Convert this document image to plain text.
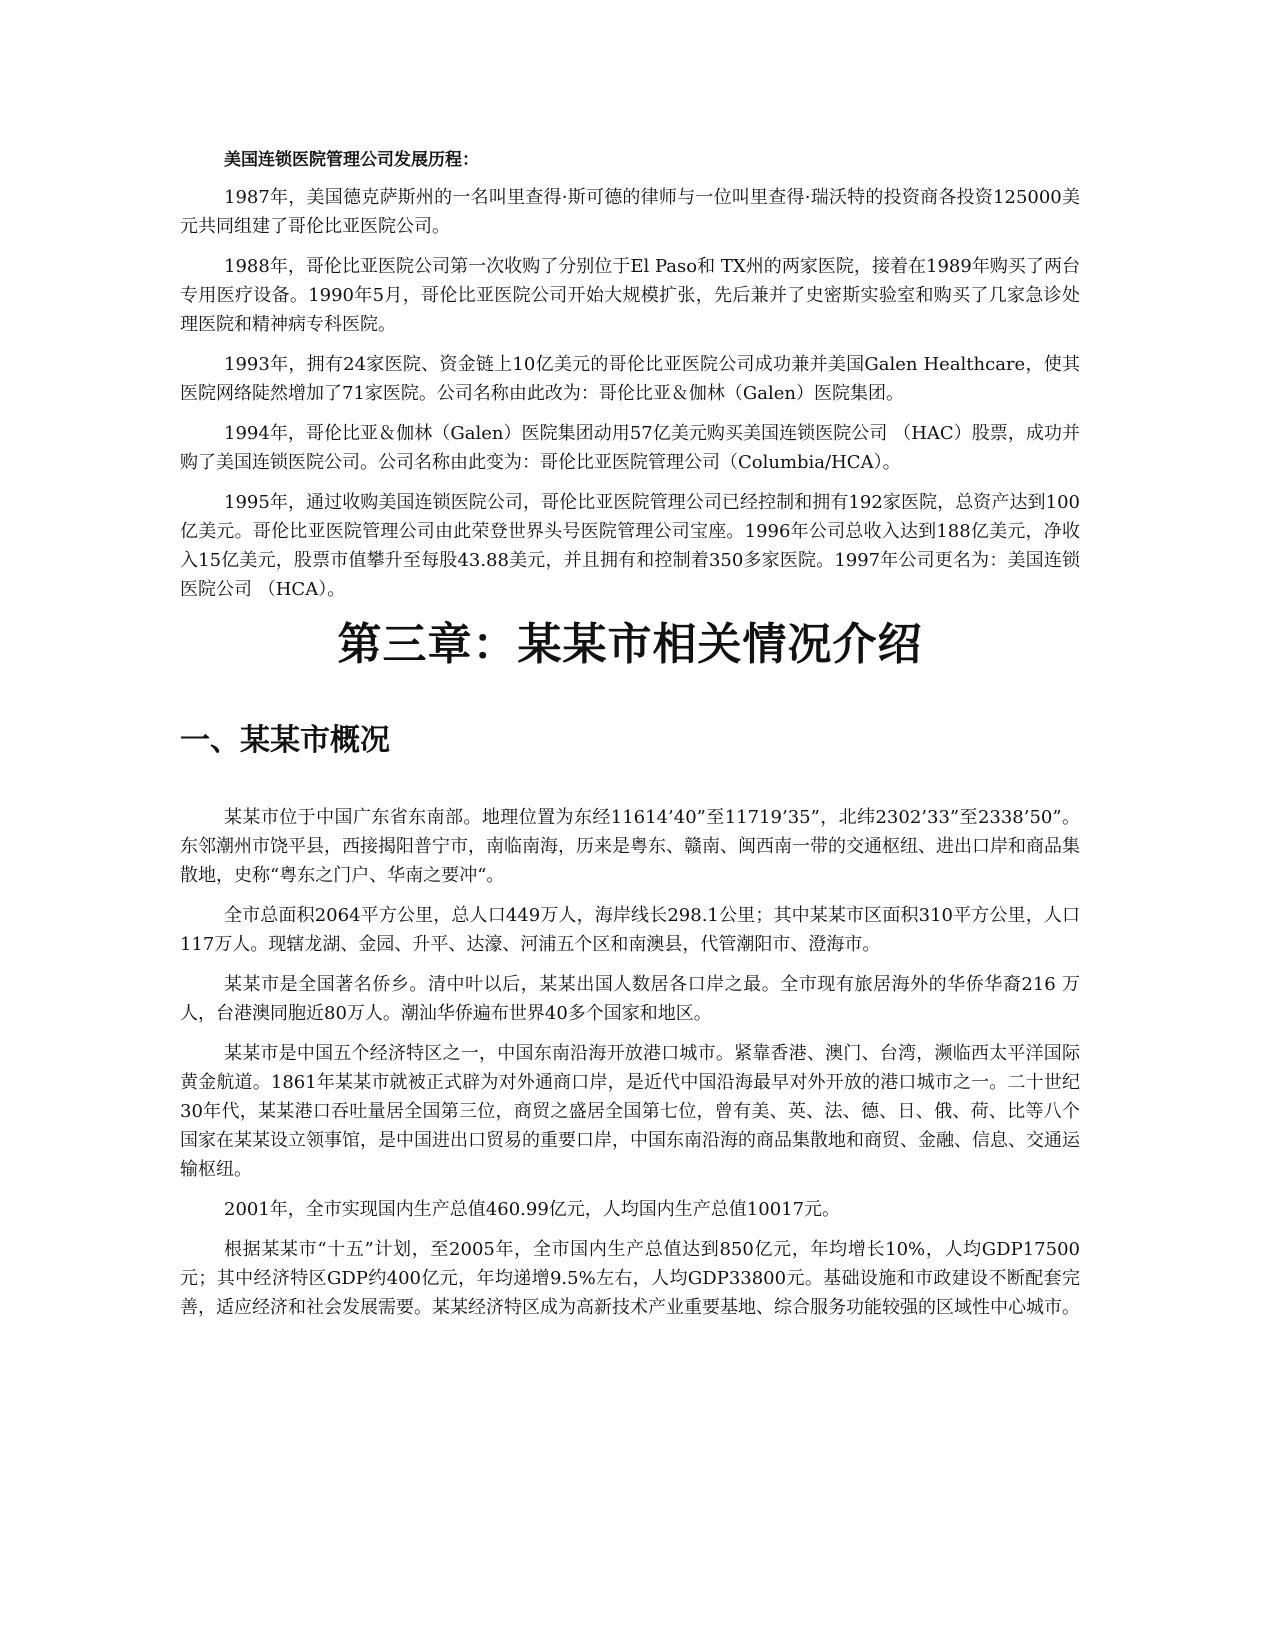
美国连锁医院管理公司发展历程：

1987年，美国德克萨斯州的一名叫里查得·斯可德的律师与一位叫里查得·瑞沃特的投资商各投资125000美元共同组建了哥伦比亚医院公司。

1988年，哥伦比亚医院公司第一次收购了分别位于El Paso和 TX州的两家医院，接着在1989年购买了两台专用医疗设备。1990年5月，哥伦比亚医院公司开始大规模扩张，先后兼并了史密斯实验室和购买了几家急诊处理医院和精神病专科医院。

1993年，拥有24家医院、资金链上10亿美元的哥伦比亚医院公司成功兼并美国Galen Healthcare，使其医院网络陡然增加了71家医院。公司名称由此改为：哥伦比亚＆伽林（Galen）医院集团。

1994年，哥伦比亚＆伽林（Galen）医院集团动用57亿美元购买美国连锁医院公司 （HAC）股票，成功并购了美国连锁医院公司。公司名称由此变为：哥伦比亚医院管理公司（Columbia/HCA）。

1995年，通过收购美国连锁医院公司，哥伦比亚医院管理公司已经控制和拥有192家医院，总资产达到100亿美元。哥伦比亚医院管理公司由此荣登世界头号医院管理公司宝座。1996年公司总收入达到188亿美元，净收入15亿美元，股票市值攀升至每股43.88美元，并且拥有和控制着350多家医院。1997年公司更名为：美国连锁医院公司 （HCA）。

第三章：某某市相关情况介绍
一、某某市概况

某某市位于中国广东省东南部。地理位置为东经11614’40”至11719’35”，北纬2302’33”至2338’50”。东邻潮州市饶平县，西接揭阳普宁市，南临南海，历来是粤东、赣南、闽西南一带的交通枢纽、进出口岸和商品集散地，史称“粤东之门户、华南之要冲“。

全市总面积2064平方公里，总人口449万人，海岸线长298.1公里；其中某某市区面积310平方公里，人口117万人。现辖龙湖、金园、升平、达濠、河浦五个区和南澳县，代管潮阳市、澄海市。

某某市是全国著名侨乡。清中叶以后，某某出国人数居各口岸之最。全市现有旅居海外的华侨华裔216 万人，台港澳同胞近80万人。潮汕华侨遍布世界40多个国家和地区。

某某市是中国五个经济特区之一，中国东南沿海开放港口城市。紧靠香港、澳门、台湾，濒临西太平洋国际黄金航道。1861年某某市就被正式辟为对外通商口岸，是近代中国沿海最早对外开放的港口城市之一。二十世纪30年代，某某港口吞吐量居全国第三位，商贸之盛居全国第七位，曾有美、英、法、德、日、俄、荷、比等八个国家在某某设立领事馆，是中国进出口贸易的重要口岸，中国东南沿海的商品集散地和商贸、金融、信息、交通运输枢纽。

2001年，全市实现国内生产总值460.99亿元，人均国内生产总值10017元。

根据某某市“十五”计划，至2005年，全市国内生产总值达到850亿元，年均增长10%，人均GDP17500元；其中经济特区GDP约400亿元，年均递增9.5%左右，人均GDP33800元。基础设施和市政建设不断配套完善，适应经济和社会发展需要。某某经济特区成为高新技术产业重要基地、综合服务功能较强的区域性中心城市。
